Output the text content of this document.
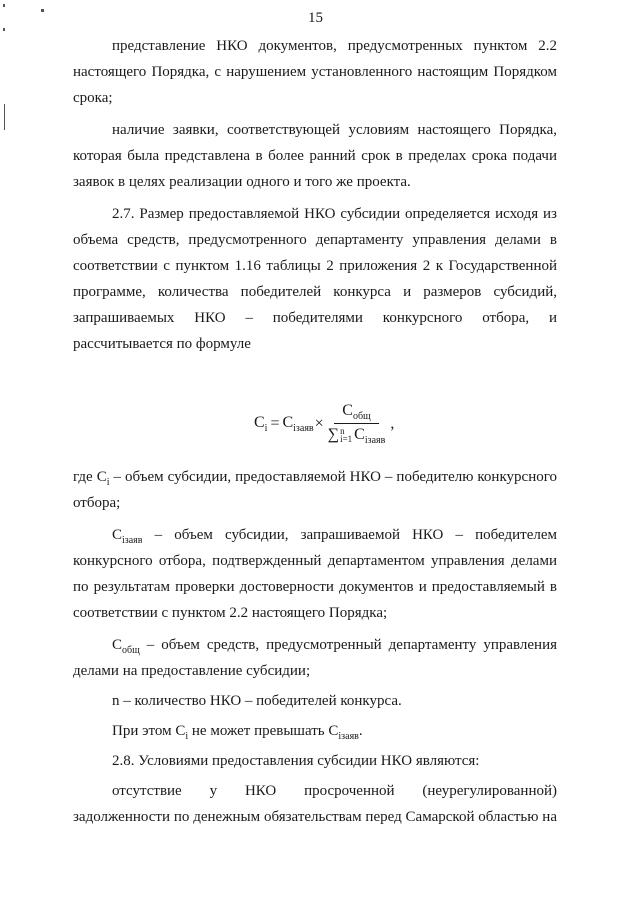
15
представление НКО документов, предусмотренных пунктом 2.2
настоящего Порядка, с нарушением установленного настоящим Порядком
срока;
наличие заявки, соответствующей условиям настоящего Порядка,
которая была представлена в более ранний срок в пределах срока подачи
заявок в целях реализации одного и того же проекта.
2.7. Размер предоставляемой НКО субсидии определяется исходя из
объема средств, предусмотренного департаменту управления делами в
соответствии с пунктом 1.16 таблицы 2 приложения 2 к Государственной
программе, количества победителей конкурса и размеров субсидий,
запрашиваемых НКО – победителями конкурсного отбора, и
рассчитывается по формуле
$C_i = C_{iзаяв}$ ×
$C_{общ}$
∑ n
i=1 $C_{iзаяв}$
,
где $C_i$ – объем субсидии, предоставляемой НКО – победителю конкурсного
отбора;
$C_{iзаяв}$ – объем субсидии, запрашиваемой НКО – победителем
конкурсного отбора, подтвержденный департаментом управления делами
по результатам проверки достоверности документов и предоставляемый в
соответствии с пунктом 2.2 настоящего Порядка;
$C_{общ}$ – объем средств, предусмотренный департаменту управления
делами на предоставление субсидии;
n – количество НКО – победителей конкурса.
При этом $C_i$ не может превышать $C_{iзаяв}$.
2.8. Условиями предоставления субсидии НКО являются:
отсутствие у НКО просроченной (неурегулированной)
задолженности по денежным обязательствам перед Самарской областью на
